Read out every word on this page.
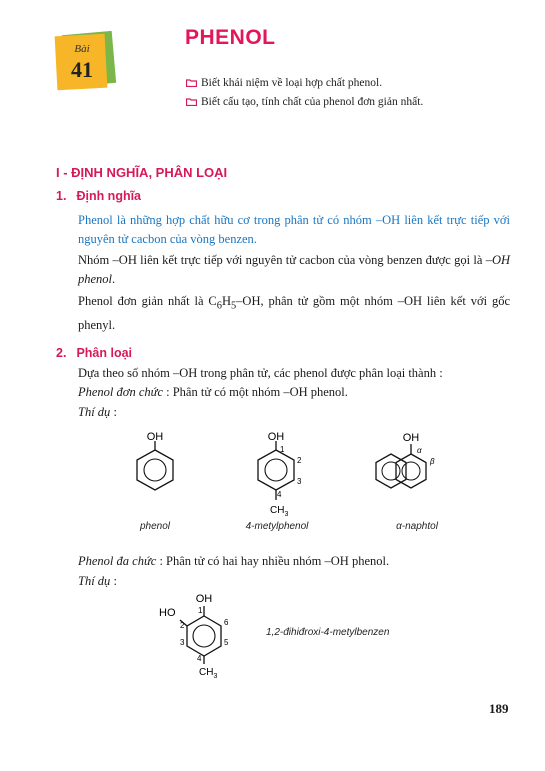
Bài
41
PHENOL
Biết khái niệm về loại hợp chất phenol.
Biết cấu tạo, tính chất của phenol đơn giản nhất.
I - ĐỊNH NGHĨA, PHÂN LOẠI
1. Định nghĩa
Phenol là những hợp chất hữu cơ trong phân tử có nhóm –OH liên kết trực tiếp với nguyên tử cacbon của vòng benzen.
Nhóm –OH liên kết trực tiếp với nguyên tử cacbon của vòng benzen được gọi là –OH phenol.
Phenol đơn giản nhất là $C_6H_5-OH$, phân tử gồm một nhóm –OH liên kết với gốc phenyl.
2. Phân loại
Dựa theo số nhóm –OH trong phân tử, các phenol được phân loại thành :
Phenol đơn chức : Phân tử có một nhóm –OH phenol.
Thí dụ :
OH
phenol
OH
1
2
3
4
$CH_3$
4-metylphenol
OH
α
β
α-naphtol
Phenol đa chức : Phân tử có hai hay nhiều nhóm –OH phenol.
Thí dụ :
OH
HO	1
2
3
4
5
6
$CH_3$
1,2-đihiđroxi-4-metylbenzen
189
